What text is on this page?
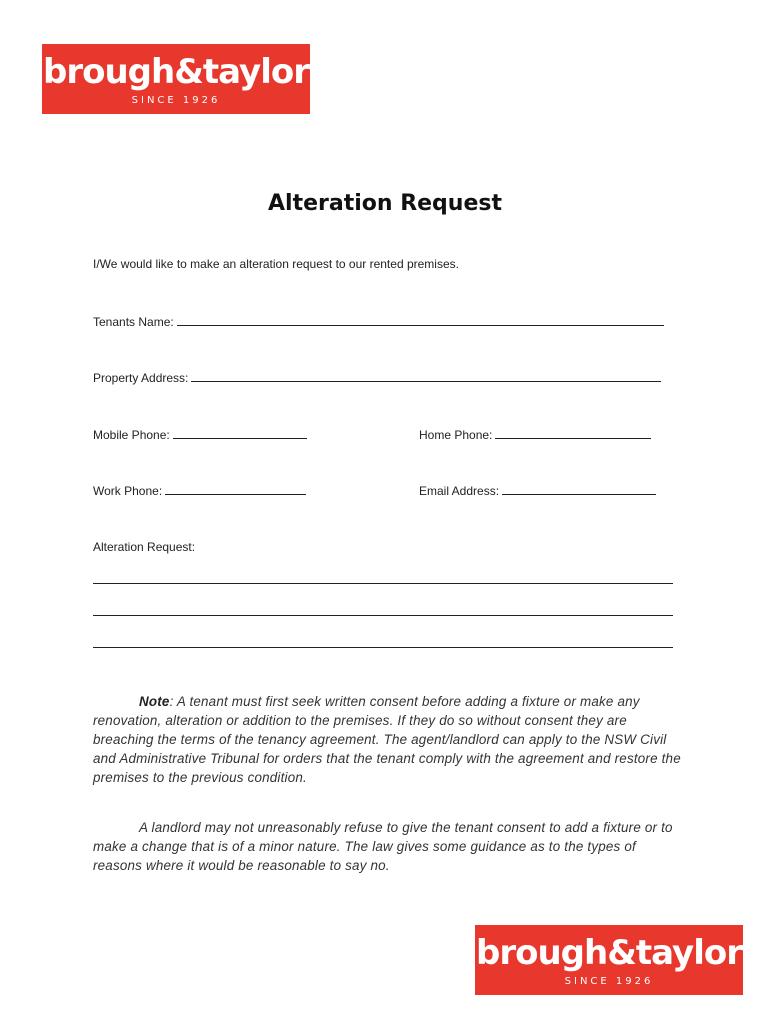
brough&taylor
SINCE 1926
Alteration Request
I/We would like to make an alteration request to our rented premises.
Tenants Name:
Property Address:
Mobile Phone:	Home Phone:
Work Phone:	Email Address:
Alteration Request:
Note: A tenant must first seek written consent before adding a fixture or make any renovation, alteration or addition to the premises. If they do so without consent they are breaching the terms of the tenancy agreement. The agent/landlord can apply to the NSW Civil and Administrative Tribunal for orders that the tenant comply with the agreement and restore the premises to the previous condition.
A landlord may not unreasonably refuse to give the tenant consent to add a fixture or to make a change that is of a minor nature. The law gives some guidance as to the types of reasons where it would be reasonable to say no.
brough&taylor
SINCE 1926
